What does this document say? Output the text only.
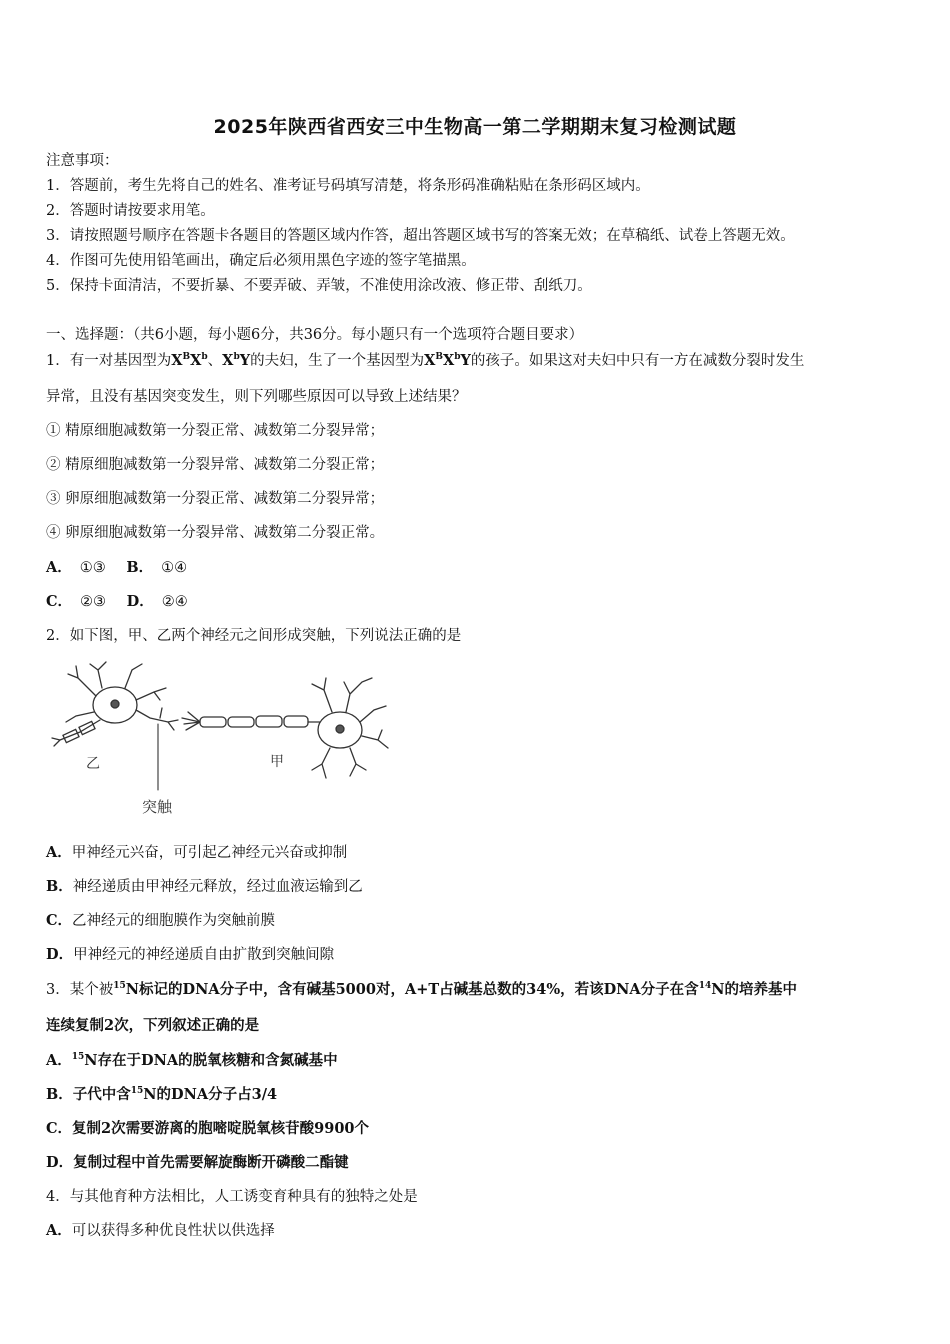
2025年陕西省西安三中生物高一第二学期期末复习检测试题
注意事项：
1．答题前，考生先将自己的姓名、准考证号码填写清楚，将条形码准确粘贴在条形码区域内。
2．答题时请按要求用笔。
3．请按照题号顺序在答题卡各题目的答题区域内作答，超出答题区域书写的答案无效；在草稿纸、试卷上答题无效。
4．作图可先使用铅笔画出，确定后必须用黑色字迹的签字笔描黑。
5．保持卡面清洁，不要折暴、不要弄破、弄皱，不准使用涂改液、修正带、刮纸刀。
一、选择题：（共6小题，每小题6分，共36分。每小题只有一个选项符合题目要求）
1．有一对基因型为$X^BX^b$、$X^bY$的夫妇，生了一个基因型为$X^BX^bY$的孩子。如果这对夫妇中只有一方在减数分裂时发生
异常，且没有基因突变发生，则下列哪些原因可以导致上述结果？
① 精原细胞减数第一分裂正常、减数第二分裂异常；
② 精原细胞减数第一分裂异常、减数第二分裂正常；
③ 卵原细胞减数第一分裂正常、减数第二分裂异常；
④ 卵原细胞减数第一分裂异常、减数第二分裂正常。
A． ①③ B． ①④
C． ②③ D． ②④
2．如下图，甲、乙两个神经元之间形成突触，下列说法正确的是
乙	甲
突触
A．甲神经元兴奋，可引起乙神经元兴奋或抑制
B．神经递质由甲神经元释放，经过血液运输到乙
C．乙神经元的细胞膜作为突触前膜
D．甲神经元的神经递质自由扩散到突触间隙
3．某个被$^{15}$N标记的DNA分子中，含有碱基5000对，A+T占碱基总数的34%，若该DNA分子在含$^{14}$N的培养基中
连续复制2次，下列叙述正确的是
A．$^{15}$N存在于DNA的脱氧核糖和含氮碱基中
B．子代中含$^{15}$N的DNA分子占3/4
C．复制2次需要游离的胞嘧啶脱氧核苷酸9900个
D．复制过程中首先需要解旋酶断开磷酸二酯键
4．与其他育种方法相比，人工诱变育种具有的独特之处是
A．可以获得多种优良性状以供选择
